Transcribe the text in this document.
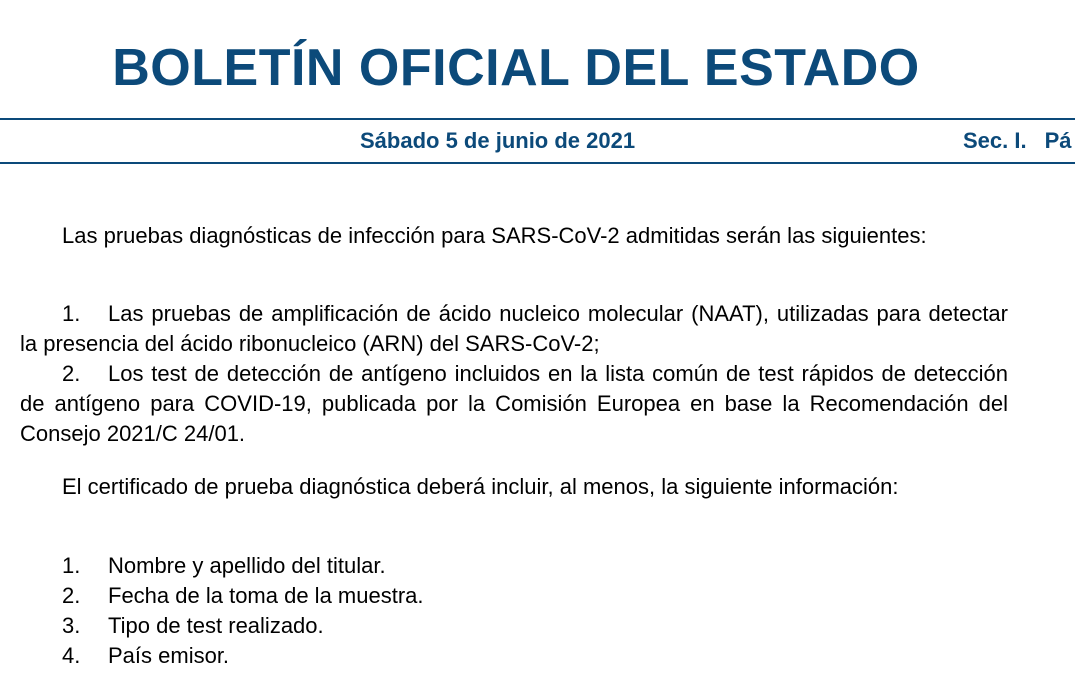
BOLETÍN OFICIAL DEL ESTADO
Sábado 5 de junio de 2021	Sec. I. Pá

Las pruebas diagnósticas de infección para SARS-CoV-2 admitidas serán las siguientes:

1. Las pruebas de amplificación de ácido nucleico molecular (NAAT), utilizadas para detectar la presencia del ácido ribonucleico (ARN) del SARS-CoV-2;

2. Los test de detección de antígeno incluidos en la lista común de test rápidos de detección de antígeno para COVID-19, publicada por la Comisión Europea en base la Recomendación del Consejo 2021/C 24/01.

El certificado de prueba diagnóstica deberá incluir, al menos, la siguiente información:

1. Nombre y apellido del titular.

2. Fecha de la toma de la muestra.

3. Tipo de test realizado.

4. País emisor.
